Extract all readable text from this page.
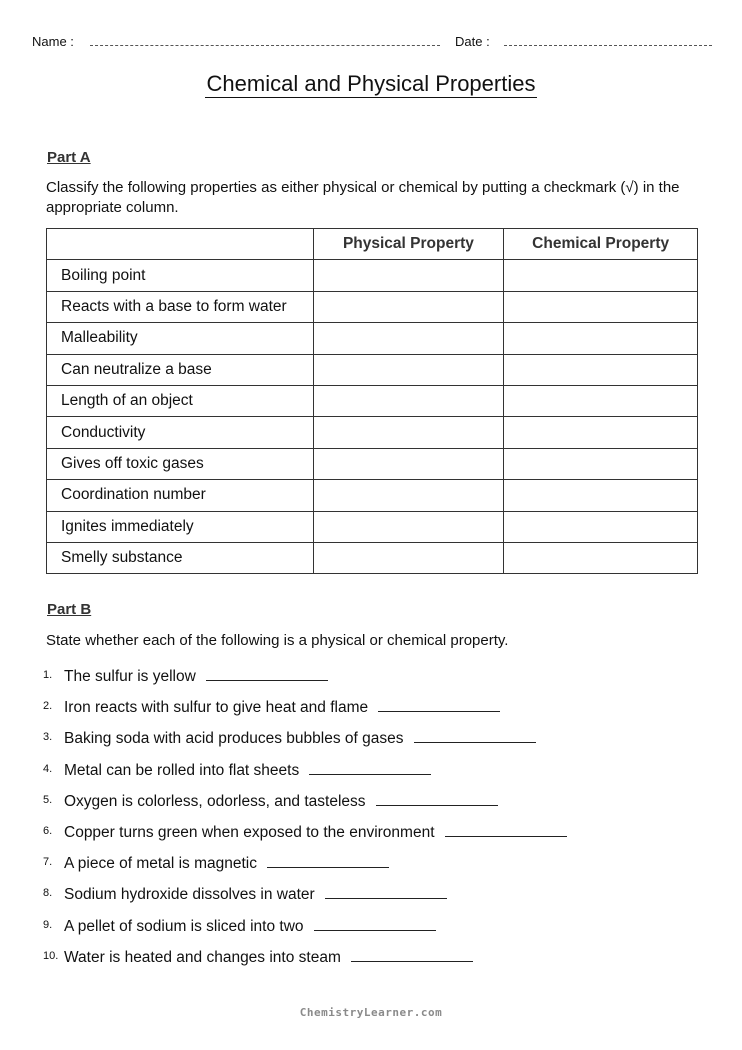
Name :	Date :
Chemical and Physical Properties
Part A
Classify the following properties as either physical or chemical by putting a checkmark (√) in the appropriate column.
	Physical Property	Chemical Property
Boiling point		
Reacts with a base to form water		
Malleability		
Can neutralize a base		
Length of an object		
Conductivity		
Gives off toxic gases		
Coordination number		
Ignites immediately		
Smelly substance		
Part B
State whether each of the following is a physical or chemical property.
1. The sulfur is yellow
2. Iron reacts with sulfur to give heat and flame
3. Baking soda with acid produces bubbles of gases
4. Metal can be rolled into flat sheets
5. Oxygen is colorless, odorless, and tasteless
6. Copper turns green when exposed to the environment
7. A piece of metal is magnetic
8. Sodium hydroxide dissolves in water
9. A pellet of sodium is sliced into two
10. Water is heated and changes into steam
ChemistryLearner.com
